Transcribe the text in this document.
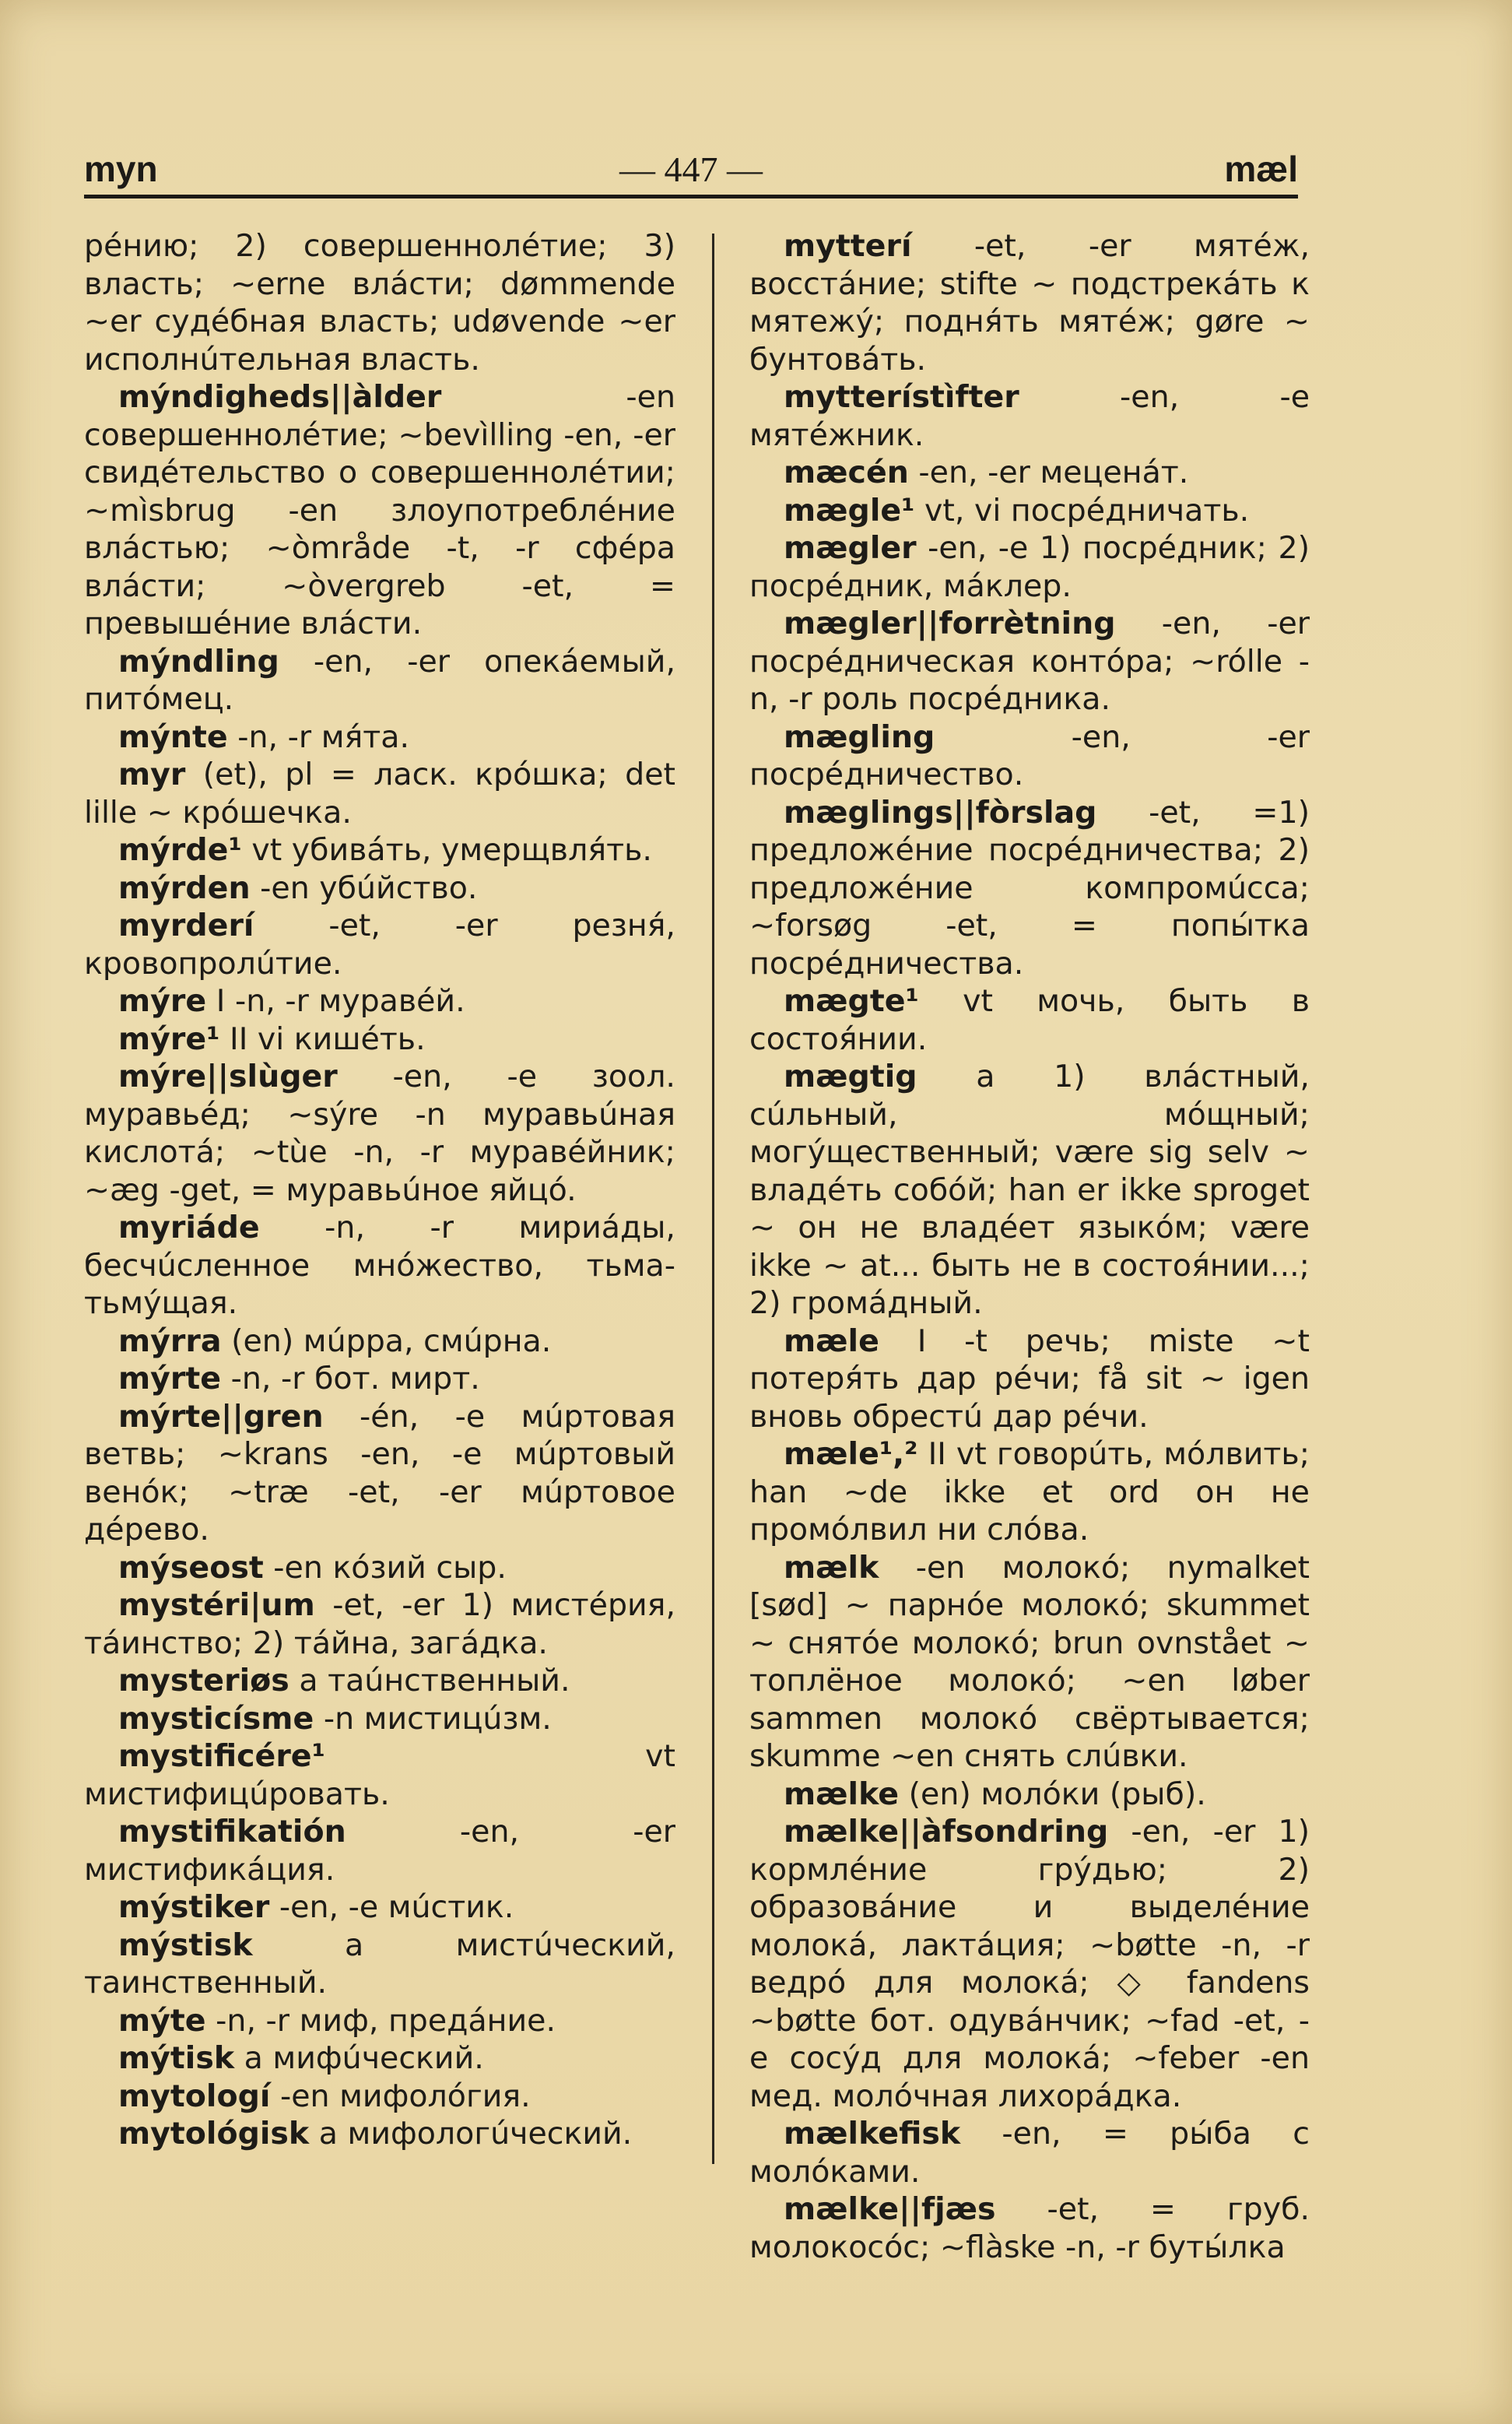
myn	— 447 —	mæl

рéнию; 2) совершеннолéтие; 3) власть; ~erne влáсти; dømmende ~er судéбная власть; udøvende ~er исполнúтельная власть.

mýndigheds||àlder -en совершеннолéтие; ~bevìlling -en, -er свидéтельство о совершеннолéтии; ~mìsbrug -en злоупотреблéние влáстью; ~òmråde -t, -r сфéра влáсти; ~òvergreb -et, = превышéние влáсти.

mýndling -en, -er опекáемый, питóмец.

mýnte -n, -r мя́та.

myr (et), pl = ласк. крóшка; det lille ~ крóшечка.

mýrde¹ vt убивáть, умерщвля́ть.

mýrden -en убúйство.

myrderí -et, -er резня́, кровопролúтие.

mýre I -n, -r муравéй.

mýre¹ II vi кишéть.

mýre||slùger -en, -e зоол. муравьéд; ~sýre -n муравьúная кислотá; ~tùe -n, -r муравéйник; ~æg -get, = муравьúное яйцó.

myriáde -n, -r мириáды, бесчúсленное мнóжество, тьма-тьмýщая.

mýrra (en) мúрра, смúрна.

mýrte -n, -r бот. мирт.

mýrte||gren -én, -e мúртовая ветвь; ~krans -en, -e мúртовый венóк; ~træ -et, -er мúртовое дéрево.

mýseost -en кóзий сыр.

mystéri|um -et, -er 1) мистéрия, тáинство; 2) тáйна, загáдка.

mysteriøs a таúнственный.

mysticísme -n мистицúзм.

mystificére¹ vt мистифицúровать.

mystifikatión -en, -er мистификáция.

mýstiker -en, -e мúстик.

mýstisk a мистúческий, таинственный.

mýte -n, -r миф, предáние.

mýtisk a мифúческий.

mytologí -en мифолóгия.

mytológisk a мифологúческий.

mytterí -et, -er мятéж, восстáние; stifte ~ подстрекáть к мятежý; подня́ть мятéж; gøre ~ бунтовáть.

mytterístìfter -en, -e мятéжник.

mæcén -en, -er меценáт.

mægle¹ vt, vi посрéдничать.

mægler -en, -e 1) посрéдник; 2) посрéдник, мáклер.

mægler||forrètning -en, -er посрéдническая контóра; ~rólle -n, -r роль посрéдника.

mægling -en, -er посрéдничество.

mæglings||fòrslag -et, =1) предложéние посрéдничества; 2) предложéние компромúсса; ~forsøg -et, = попы́тка посрéдничества.

mægte¹ vt мочь, быть в состоя́нии.

mægtig a 1) влáстный, сúльный, мóщный; могýщественный; være sig selv ~ владéть собóй; han er ikke sproget ~ он не владéет языкóм; være ikke ~ at... быть не в состоя́нии...; 2) громáдный.

mæle I -t речь; miste ~t потеря́ть дар рéчи; få sit ~ igen вновь обрестú дар рéчи.

mæle¹,² II vt говорúть, мóлвить; han ~de ikke et ord он не промóлвил ни слóва.

mælk -en молокó; nymalket [sød] ~ парнóе молокó; skummet ~ снятóе молокó; brun ovnstået ~ топлёное молокó; ~en løber sammen молокó свёртывается; skumme ~en снять слúвки.

mælke (en) молóки (рыб).

mælke||àfsondring -en, -er 1) кормлéние грýдью; 2) образовáние и выделéние молокá, лактáция; ~bøtte -n, -r ведрó для молокá; ◇ fandens ~bøtte бот. одувáнчик; ~fad -et, -e сосýд для молокá; ~feber -en мед. молóчная лихорáдка.

mælkefisk -en, = ры́ба с молóками.

mælke||fjæs -et, = груб. молокосóс; ~flàske -n, -r буты́лка
